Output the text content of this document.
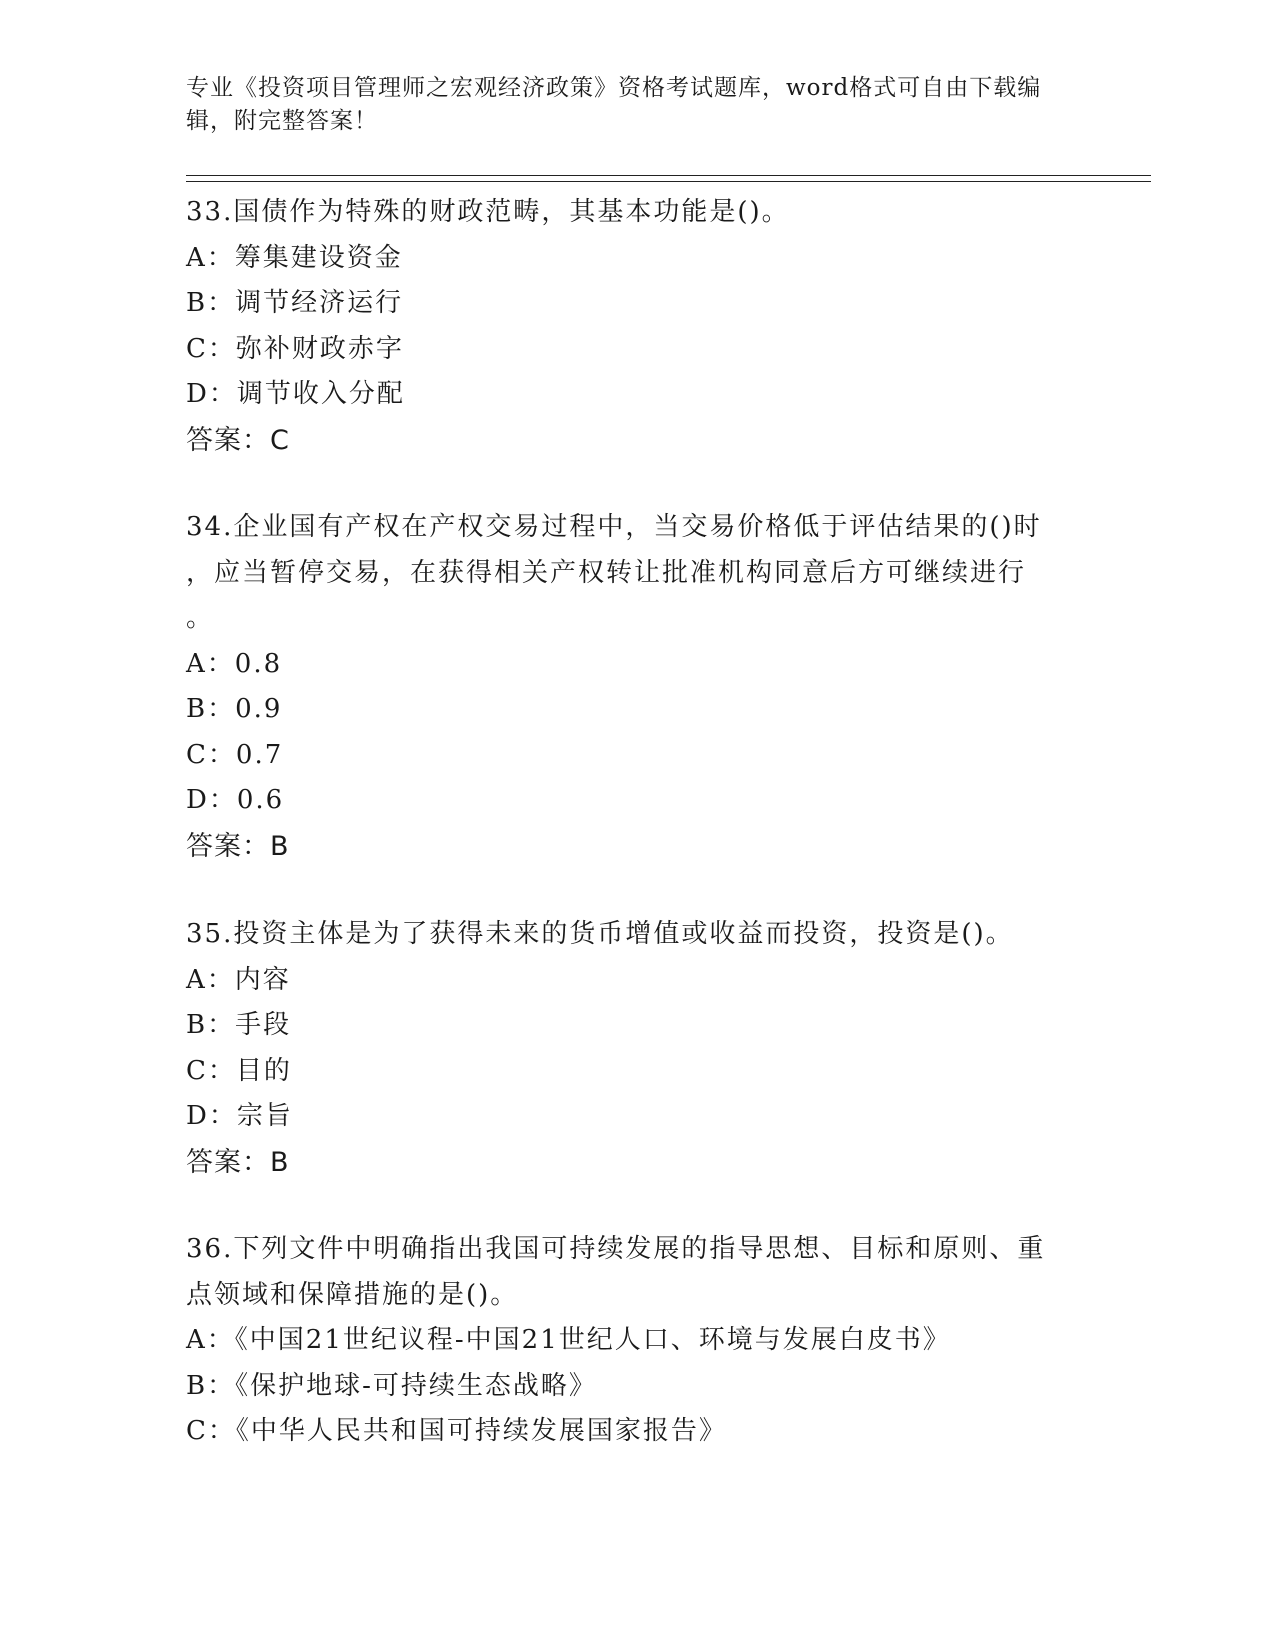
专业《投资项目管理师之宏观经济政策》资格考试题库，word格式可自由下载编
辑，附完整答案！
33.国债作为特殊的财政范畴，其基本功能是()。
A：筹集建设资金
B：调节经济运行
C：弥补财政赤字
D：调节收入分配
答案：C
34.企业国有产权在产权交易过程中，当交易价格低于评估结果的()时
，应当暂停交易，在获得相关产权转让批准机构同意后方可继续进行
。
A：0.8
B：0.9
C：0.7
D：0.6
答案：B
35.投资主体是为了获得未来的货币增值或收益而投资，投资是()。
A：内容
B：手段
C：目的
D：宗旨
答案：B
36.下列文件中明确指出我国可持续发展的指导思想、目标和原则、重
点领域和保障措施的是()。
A：《中国21世纪议程-中国21世纪人口、环境与发展白皮书》
B：《保护地球-可持续生态战略》
C：《中华人民共和国可持续发展国家报告》
